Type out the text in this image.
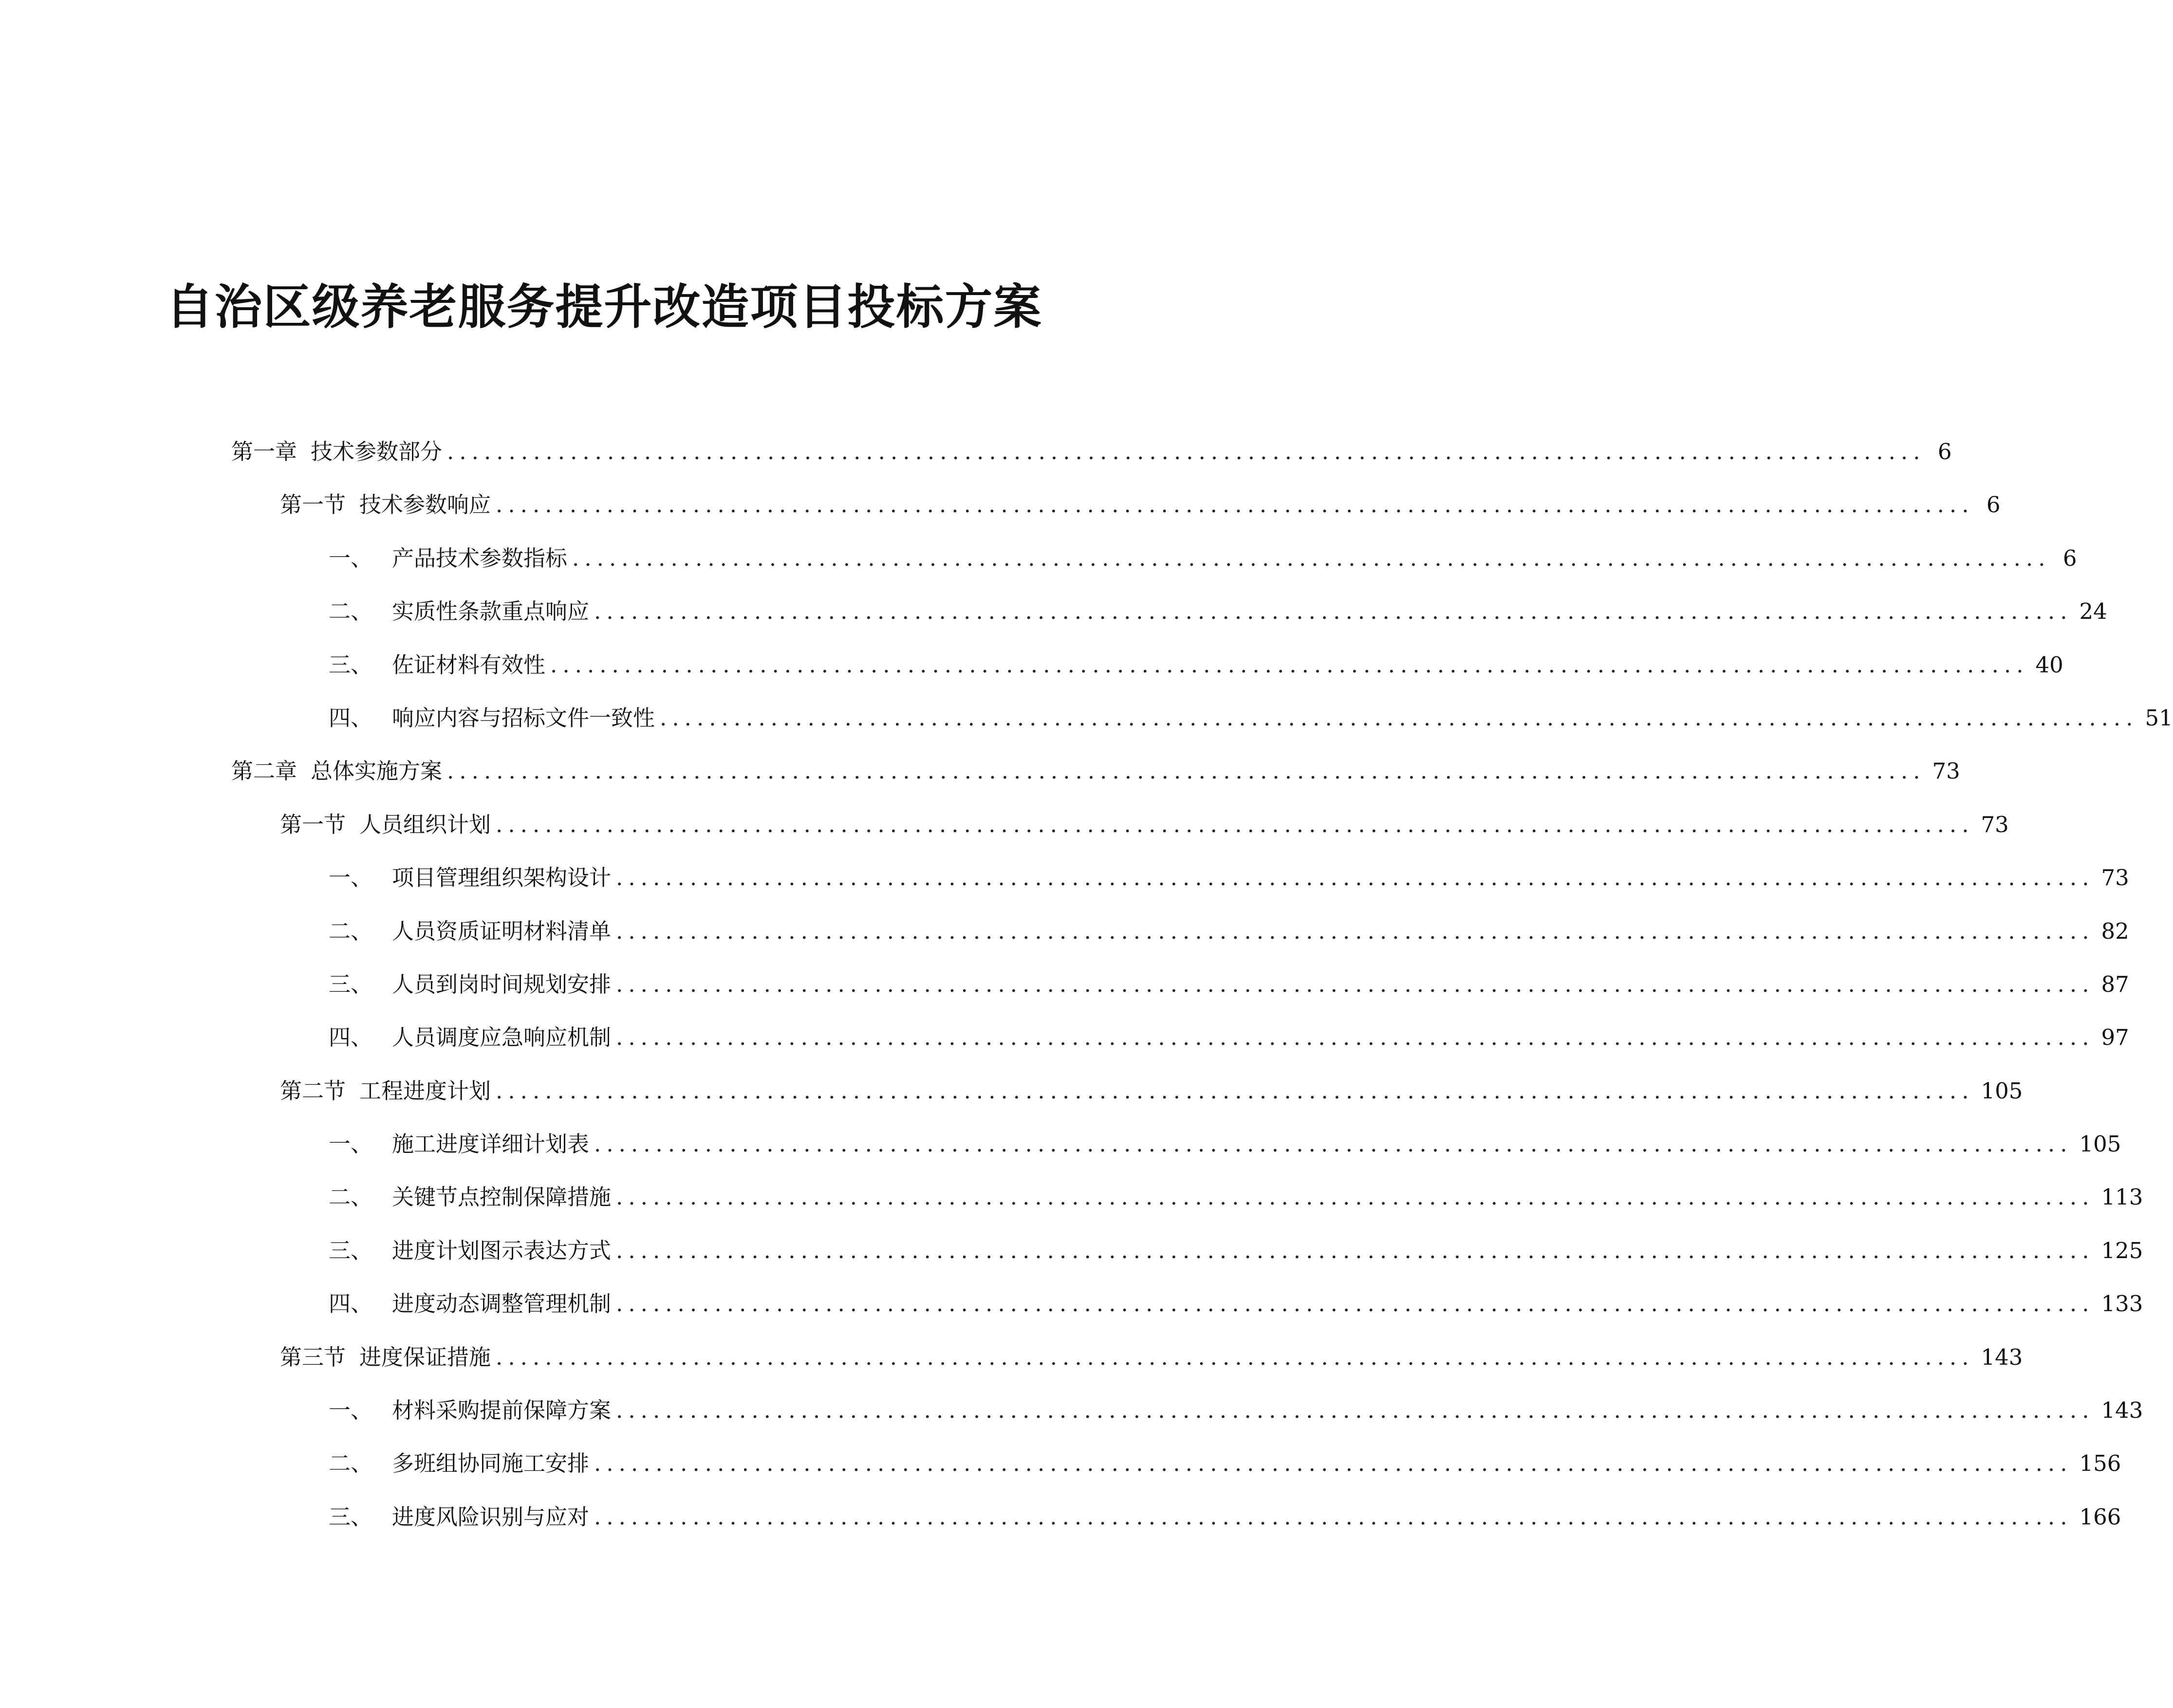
自治区级养老服务提升改造项目投标方案
第一章 技术参数部分 ........................................................................................................................ 6
第一节 技术参数响应 ........................................................................................................................ 6
一、 产品技术参数指标 ........................................................................................................................ 6
二、 实质性条款重点响应 ........................................................................................................................ 24
三、 佐证材料有效性 ........................................................................................................................ 40
四、 响应内容与招标文件一致性 ........................................................................................................................ 51
第二章 总体实施方案 ........................................................................................................................ 73
第一节 人员组织计划 ........................................................................................................................ 73
一、 项目管理组织架构设计 ........................................................................................................................ 73
二、 人员资质证明材料清单 ........................................................................................................................ 82
三、 人员到岗时间规划安排 ........................................................................................................................ 87
四、 人员调度应急响应机制 ........................................................................................................................ 97
第二节 工程进度计划 ........................................................................................................................ 105
一、 施工进度详细计划表 ........................................................................................................................ 105
二、 关键节点控制保障措施 ........................................................................................................................ 113
三、 进度计划图示表达方式 ........................................................................................................................ 125
四、 进度动态调整管理机制 ........................................................................................................................ 133
第三节 进度保证措施 ........................................................................................................................ 143
一、 材料采购提前保障方案 ........................................................................................................................ 143
二、 多班组协同施工安排 ........................................................................................................................ 156
三、 进度风险识别与应对 ........................................................................................................................ 166
